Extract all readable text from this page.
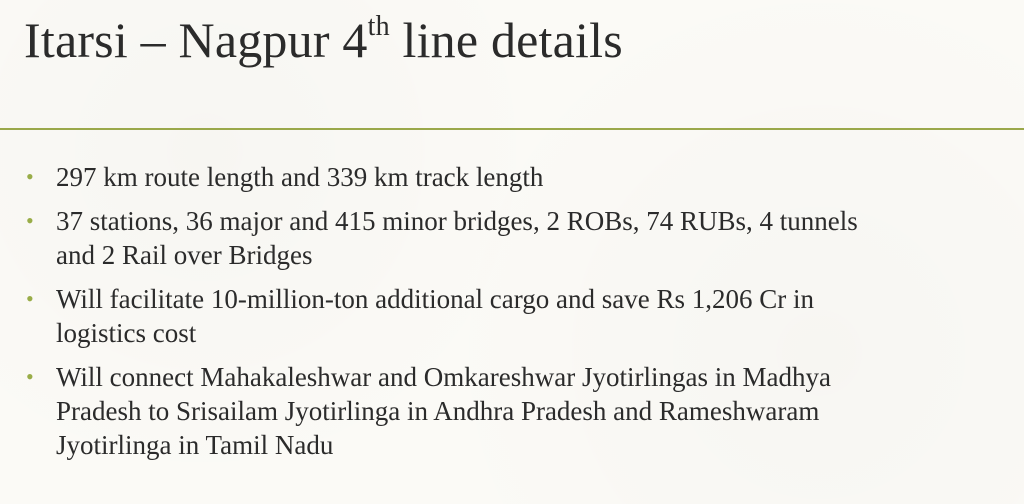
Itarsi – Nagpur 4th line details
• 297 km route length and 339 km track length
• 37 stations, 36 major and 415 minor bridges, 2 ROBs, 74 RUBs, 4 tunnels
and 2 Rail over Bridges
• Will facilitate 10-million-ton additional cargo and save Rs 1,206 Cr in
logistics cost
• Will connect Mahakaleshwar and Omkareshwar Jyotirlingas in Madhya
Pradesh to Srisailam Jyotirlinga in Andhra Pradesh and Rameshwaram
Jyotirlinga in Tamil Nadu
